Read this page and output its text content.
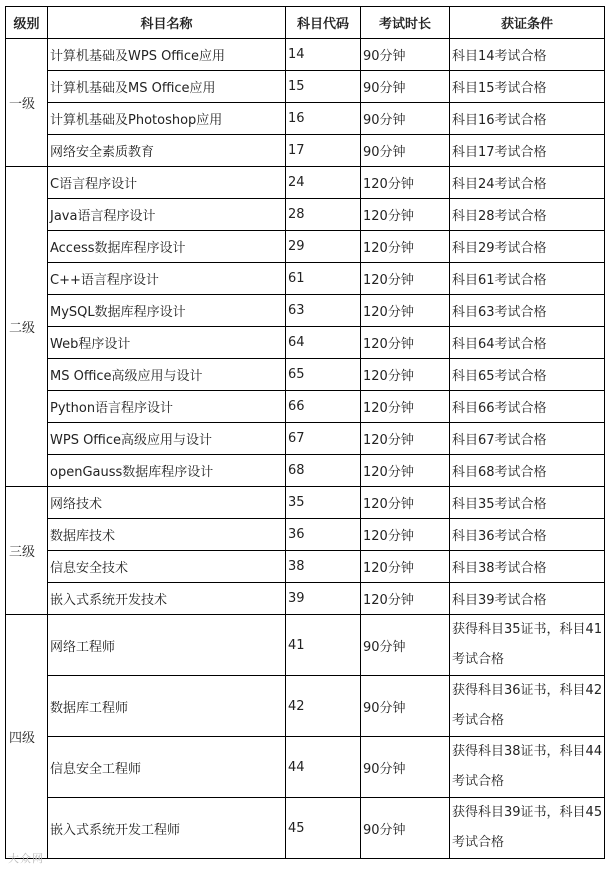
级别	科目名称	科目代码	考试时长	获证条件
一级	计算机基础及WPS Office应用	14	90分钟	科目14考试合格
	计算机基础及MS Office应用	15	90分钟	科目15考试合格
	计算机基础及Photoshop应用	16	90分钟	科目16考试合格
	网络安全素质教育	17	90分钟	科目17考试合格
二级	C语言程序设计	24	120分钟	科目24考试合格
	Java语言程序设计	28	120分钟	科目28考试合格
	Access数据库程序设计	29	120分钟	科目29考试合格
	C++语言程序设计	61	120分钟	科目61考试合格
	MySQL数据库程序设计	63	120分钟	科目63考试合格
	Web程序设计	64	120分钟	科目64考试合格
	MS Office高级应用与设计	65	120分钟	科目65考试合格
	Python语言程序设计	66	120分钟	科目66考试合格
	WPS Office高级应用与设计	67	120分钟	科目67考试合格
	openGauss数据库程序设计	68	120分钟	科目68考试合格
三级	网络技术	35	120分钟	科目35考试合格
	数据库技术	36	120分钟	科目36考试合格
	信息安全技术	38	120分钟	科目38考试合格
	嵌入式系统开发技术	39	120分钟	科目39考试合格
四级	网络工程师	41	90分钟	获得科目35证书，科目41考试合格
	数据库工程师	42	90分钟	获得科目36证书，科目42考试合格
	信息安全工程师	44	90分钟	获得科目38证书，科目44考试合格
	嵌入式系统开发工程师	45	90分钟	获得科目39证书，科目45考试合格
大众网
